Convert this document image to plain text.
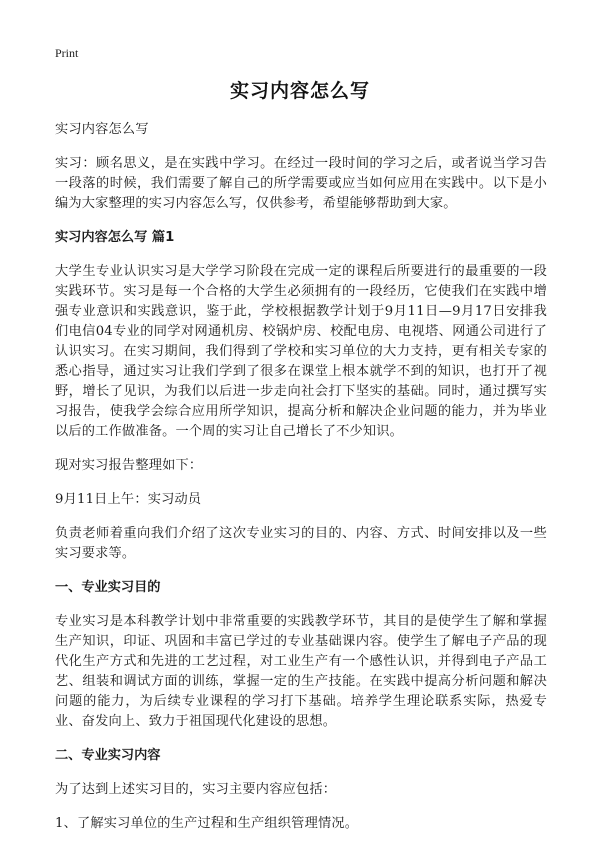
Print
实习内容怎么写

实习内容怎么写

实习：顾名思义，是在实践中学习。在经过一段时间的学习之后，或者说当学习告一段落的时候，我们需要了解自己的所学需要或应当如何应用在实践中。以下是小编为大家整理的实习内容怎么写，仅供参考，希望能够帮助到大家。

实习内容怎么写 篇1

大学生专业认识实习是大学学习阶段在完成一定的课程后所要进行的最重要的一段实践环节。实习是每一个合格的大学生必须拥有的一段经历，它使我们在实践中增强专业意识和实践意识，鉴于此，学校根据教学计划于9月11日—9月17日安排我们电信04专业的同学对网通机房、校锅炉房、校配电房、电视塔、网通公司进行了认识实习。在实习期间，我们得到了学校和实习单位的大力支持，更有相关专家的悉心指导，通过实习让我们学到了很多在课堂上根本就学不到的知识，也打开了视野，增长了见识，为我们以后进一步走向社会打下坚实的基础。同时，通过撰写实习报告，使我学会综合应用所学知识，提高分析和解决企业问题的能力，并为毕业以后的工作做准备。一个周的实习让自己增长了不少知识。

现对实习报告整理如下：

9月11日上午：实习动员

负责老师着重向我们介绍了这次专业实习的目的、内容、方式、时间安排以及一些实习要求等。

一、专业实习目的

专业实习是本科教学计划中非常重要的实践教学环节，其目的是使学生了解和掌握生产知识，印证、巩固和丰富已学过的专业基础课内容。使学生了解电子产品的现代化生产方式和先进的工艺过程，对工业生产有一个感性认识，并得到电子产品工艺、组装和调试方面的训练，掌握一定的生产技能。在实践中提高分析问题和解决问题的能力，为后续专业课程的学习打下基础。培养学生理论联系实际，热爱专业、奋发向上、致力于祖国现代化建设的思想。

二、专业实习内容

为了达到上述实习目的，实习主要内容应包括：

1、了解实习单位的生产过程和生产组织管理情况。
